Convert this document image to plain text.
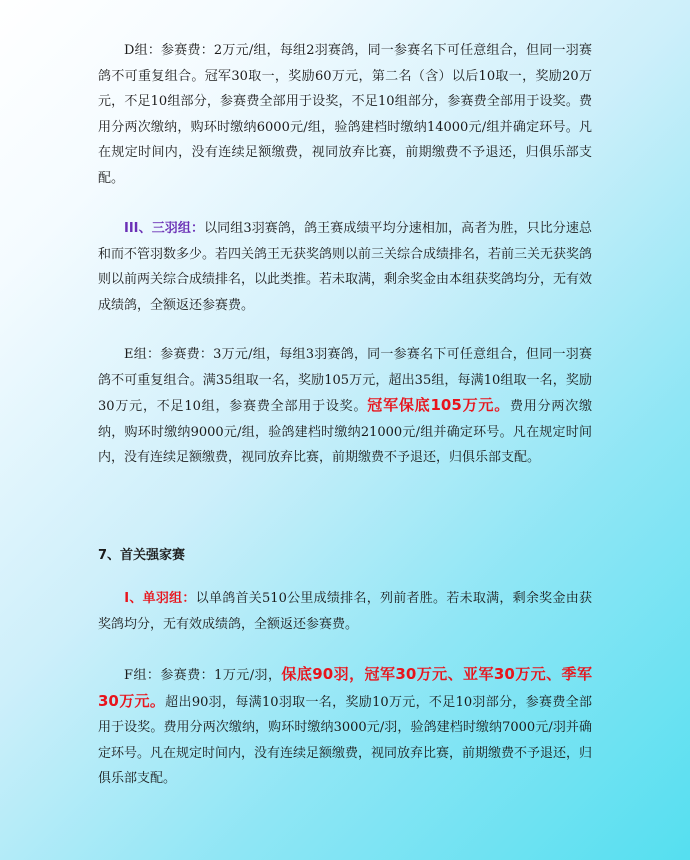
D组：参赛费：2万元/组，每组2羽赛鸽，同一参赛名下可任意组合，但同一羽赛鸽不可重复组合。冠军30取一，奖励60万元，第二名（含）以后10取一，奖励20万元，不足10组部分，参赛费全部用于设奖，不足10组部分，参赛费全部用于设奖。费用分两次缴纳，购环时缴纳6000元/组，验鸽建档时缴纳14000元/组并确定环号。凡在规定时间内，没有连续足额缴费，视同放弃比赛，前期缴费不予退还，归俱乐部支配。

III、三羽组：以同组3羽赛鸽，鸽王赛成绩平均分速相加，高者为胜，只比分速总和而不管羽数多少。若四关鸽王无获奖鸽则以前三关综合成绩排名，若前三关无获奖鸽则以前两关综合成绩排名，以此类推。若未取满，剩余奖金由本组获奖鸽均分，无有效成绩鸽，全额返还参赛费。

E组：参赛费：3万元/组，每组3羽赛鸽，同一参赛名下可任意组合，但同一羽赛鸽不可重复组合。满35组取一名，奖励105万元，超出35组，每满10组取一名，奖励30万元，不足10组，参赛费全部用于设奖。冠军保底105万元。费用分两次缴纳，购环时缴纳9000元/组，验鸽建档时缴纳21000元/组并确定环号。凡在规定时间内，没有连续足额缴费，视同放弃比赛，前期缴费不予退还，归俱乐部支配。

7、首关强家赛

Ⅰ、单羽组：以单鸽首关510公里成绩排名，列前者胜。若未取满，剩余奖金由获奖鸽均分，无有效成绩鸽，全额返还参赛费。

F组：参赛费：1万元/羽，保底90羽，冠军30万元、亚军30万元、季军30万元。超出90羽，每满10羽取一名，奖励10万元，不足10羽部分，参赛费全部用于设奖。费用分两次缴纳，购环时缴纳3000元/羽，验鸽建档时缴纳7000元/羽并确定环号。凡在规定时间内，没有连续足额缴费，视同放弃比赛，前期缴费不予退还，归俱乐部支配。
